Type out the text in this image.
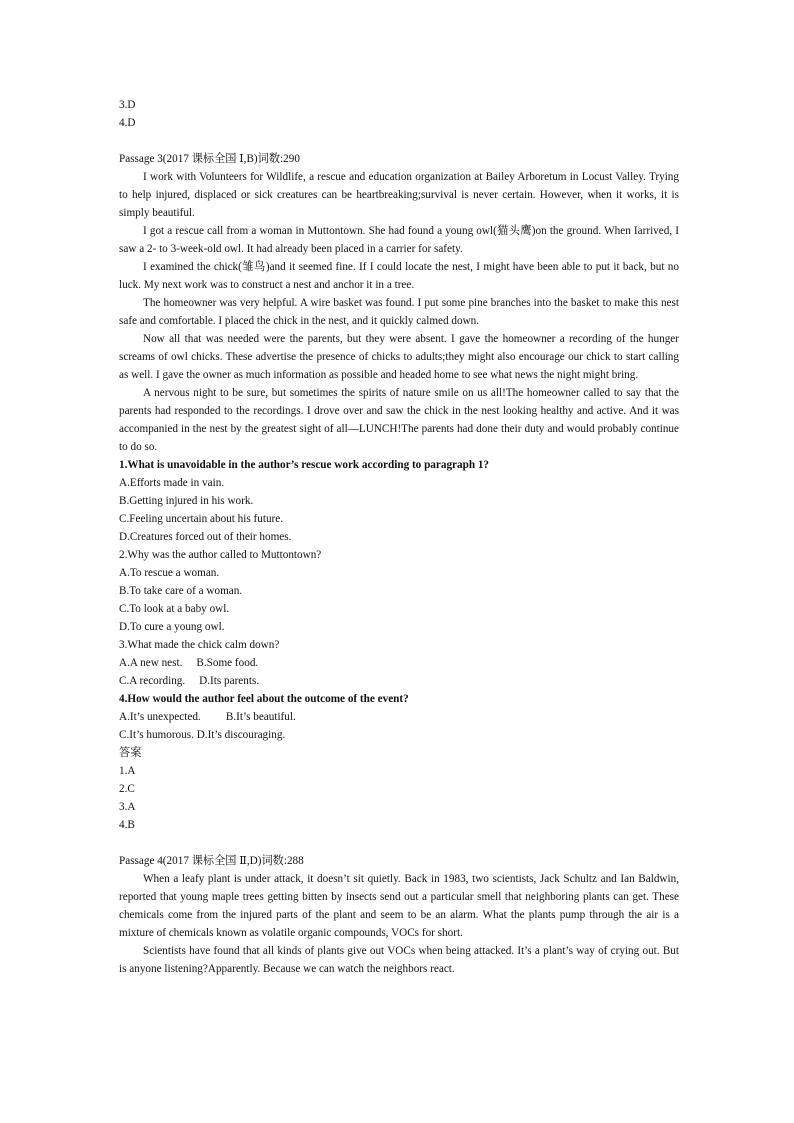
3.D
4.D
Passage 3(2017 课标全国 Ⅰ,B)词数:290

I work with Volunteers for Wildlife, a rescue and education organization at Bailey Arboretum in Locust Valley. Trying to help injured, displaced or sick creatures can be heartbreaking;survival is never certain. However, when it works, it is simply beautiful.

I got a rescue call from a woman in Muttontown. She had found a young owl(猫头鹰)on the ground. When Iarrived, I saw a 2- to 3-week-old owl. It had already been placed in a carrier for safety.

I examined the chick(雏鸟)and it seemed fine. If I could locate the nest, I might have been able to put it back, but no luck. My next work was to construct a nest and anchor it in a tree.

The homeowner was very helpful. A wire basket was found. I put some pine branches into the basket to make this nest safe and comfortable. I placed the chick in the nest, and it quickly calmed down.

Now all that was needed were the parents, but they were absent. I gave the homeowner a recording of the hunger screams of owl chicks. These advertise the presence of chicks to adults;they might also encourage our chick to start calling as well. I gave the owner as much information as possible and headed home to see what news the night might bring.

A nervous night to be sure, but sometimes the spirits of nature smile on us all!The homeowner called to say that the parents had responded to the recordings. I drove over and saw the chick in the nest looking healthy and active. And it was accompanied in the nest by the greatest sight of all—LUNCH!The parents had done their duty and would probably continue to do so.

1.What is unavoidable in the author’s rescue work according to paragraph 1?
A.Efforts made in vain.
B.Getting injured in his work.
C.Feeling uncertain about his future.
D.Creatures forced out of their homes.
2.Why was the author called to Muttontown?
A.To rescue a woman.
B.To take care of a woman.
C.To look at a baby owl.
D.To cure a young owl.
3.What made the chick calm down?
A.A new nest.     B.Some food.
C.A recording.     D.Its parents.
4.How would the author feel about the outcome of the event?
A.It’s unexpected.         B.It’s beautiful.
C.It’s humorous. D.It’s discouraging.
答案
1.A
2.C
3.A
4.B
Passage 4(2017 课标全国 Ⅱ,D)词数:288

When a leafy plant is under attack, it doesn’t sit quietly. Back in 1983, two scientists, Jack Schultz and Ian Baldwin, reported that young maple trees getting bitten by insects send out a particular smell that neighboring plants can get. These chemicals come from the injured parts of the plant and seem to be an alarm. What the plants pump through the air is a mixture of chemicals known as volatile organic compounds, VOCs for short.

Scientists have found that all kinds of plants give out VOCs when being attacked. It’s a plant’s way of crying out. But is anyone listening?Apparently. Because we can watch the neighbors react.
